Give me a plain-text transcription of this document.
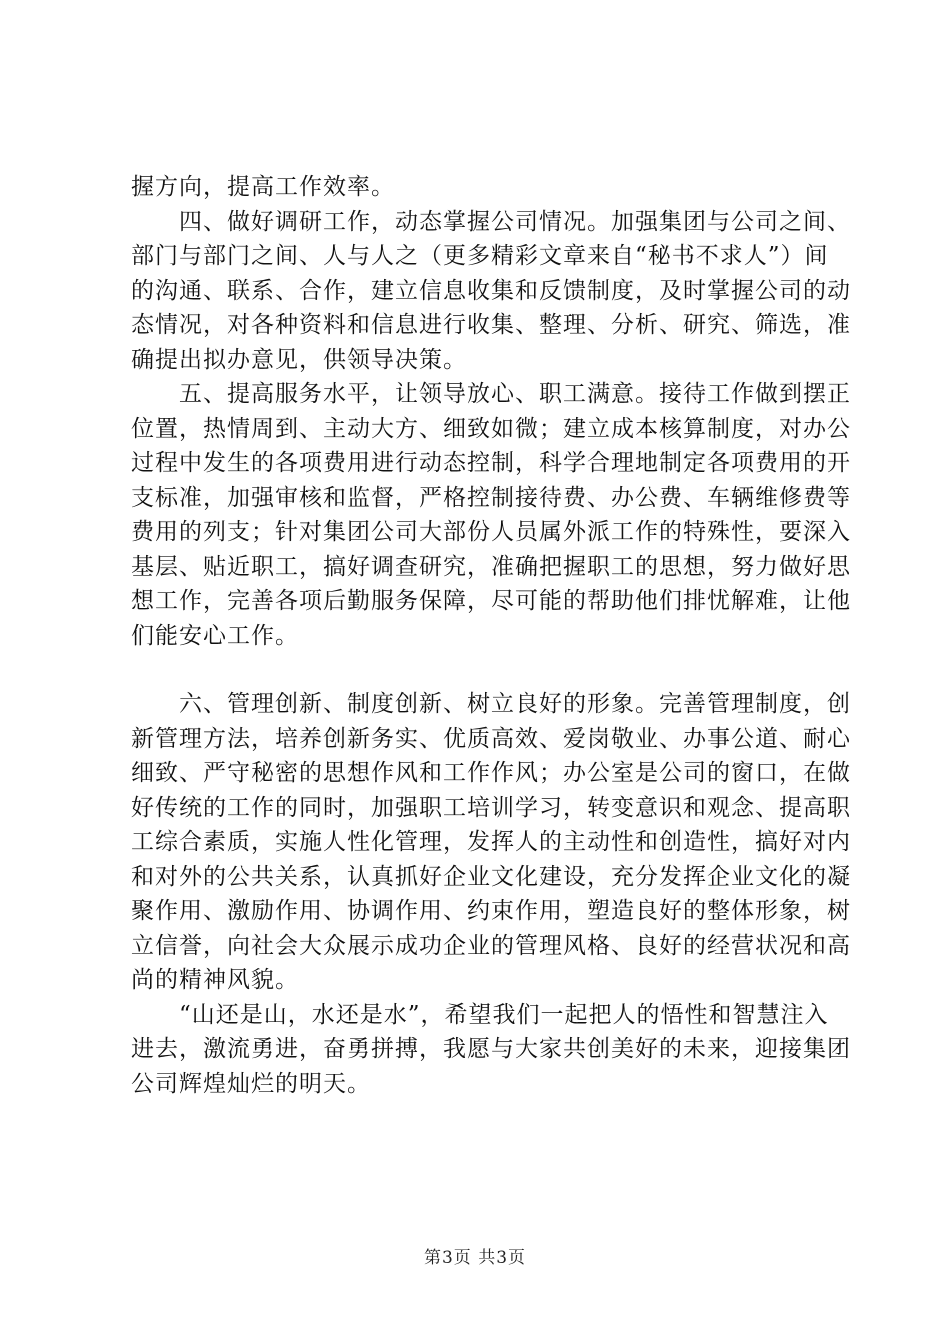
握方向，提高工作效率。

　　四、做好调研工作，动态掌握公司情况。加强集团与公司之间、部门与部门之间、人与人之（更多精彩文章来自“秘书不求人”）间的沟通、联系、合作，建立信息收集和反馈制度，及时掌握公司的动态情况，对各种资料和信息进行收集、整理、分析、研究、筛选，准确提出拟办意见，供领导决策。

　　五、提高服务水平，让领导放心、职工满意。接待工作做到摆正位置，热情周到、主动大方、细致如微；建立成本核算制度，对办公过程中发生的各项费用进行动态控制，科学合理地制定各项费用的开支标准，加强审核和监督，严格控制接待费、办公费、车辆维修费等费用的列支；针对集团公司大部份人员属外派工作的特殊性，要深入基层、贴近职工，搞好调查研究，准确把握职工的思想，努力做好思想工作，完善各项后勤服务保障，尽可能的帮助他们排忧解难，让他们能安心工作。

　　六、管理创新、制度创新、树立良好的形象。完善管理制度，创新管理方法，培养创新务实、优质高效、爱岗敬业、办事公道、耐心细致、严守秘密的思想作风和工作作风；办公室是公司的窗口，在做好传统的工作的同时，加强职工培训学习，转变意识和观念、提高职工综合素质，实施人性化管理，发挥人的主动性和创造性，搞好对内和对外的公共关系，认真抓好企业文化建设，充分发挥企业文化的凝聚作用、激励作用、协调作用、约束作用，塑造良好的整体形象，树立信誉，向社会大众展示成功企业的管理风格、良好的经营状况和高尚的精神风貌。

　　“山还是山，水还是水”，希望我们一起把人的悟性和智慧注入进去，激流勇进，奋勇拼搏，我愿与大家共创美好的未来，迎接集团公司辉煌灿烂的明天。

第3页 共3页
